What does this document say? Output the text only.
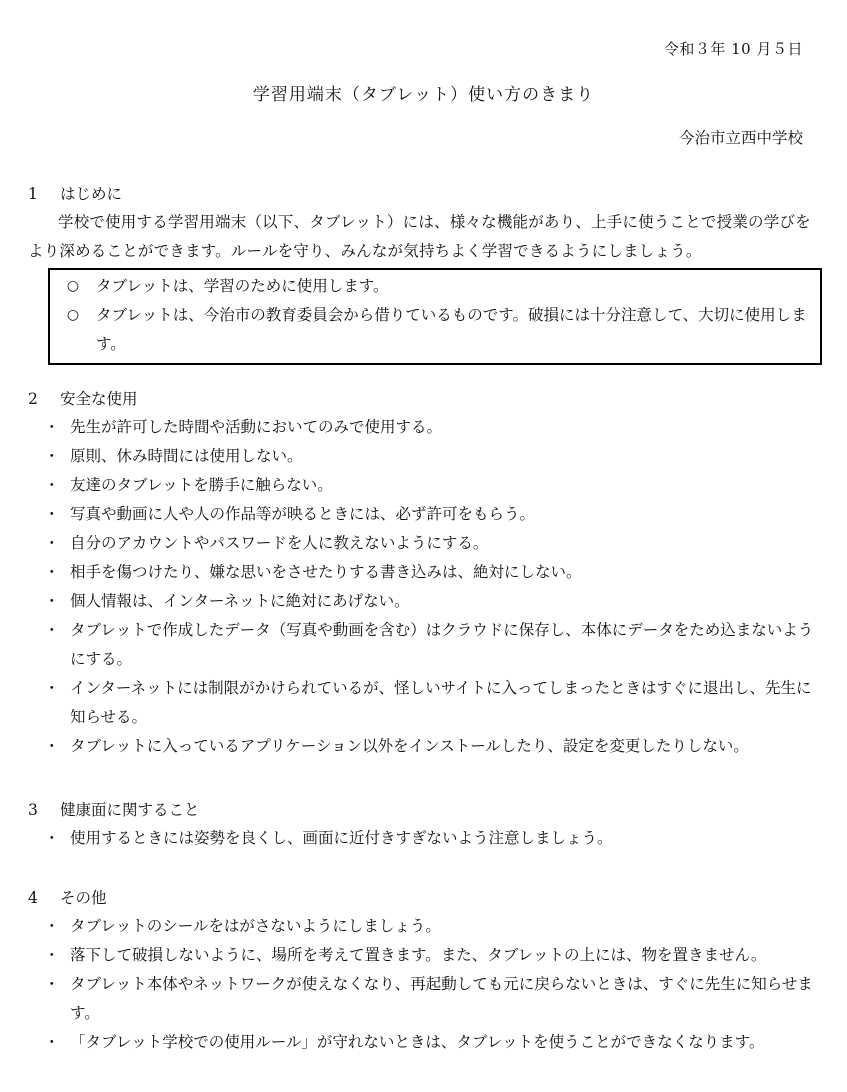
令和３年 10 月５日
学習用端末（タブレット）使い方のきまり
今治市立西中学校
1 はじめに

学校で使用する学習用端末（以下、タブレット）には、様々な機能があり、上手に使うことで授業の学びをより深めることができます。ルールを守り、みんなが気持ちよく学習できるようにしましょう。

○	タブレットは、学習のために使用します。
○	タブレットは、今治市の教育委員会から借りているものです。破損には十分注意して、大切に使用します。
2 安全な使用
・ 先生が許可した時間や活動においてのみで使用する。
・ 原則、休み時間には使用しない。
・ 友達のタブレットを勝手に触らない。
・ 写真や動画に人や人の作品等が映るときには、必ず許可をもらう。
・ 自分のアカウントやパスワードを人に教えないようにする。
・ 相手を傷つけたり、嫌な思いをさせたりする書き込みは、絶対にしない。
・ 個人情報は、インターネットに絶対にあげない。
・ タブレットで作成したデータ（写真や動画を含む）はクラウドに保存し、本体にデータをため込まないようにする。
・ インターネットには制限がかけられているが、怪しいサイトに入ってしまったときはすぐに退出し、先生に知らせる。
・ タブレットに入っているアプリケーション以外をインストールしたり、設定を変更したりしない。
3 健康面に関すること
・ 使用するときには姿勢を良くし、画面に近付きすぎないよう注意しましょう。
4 その他
・ タブレットのシールをはがさないようにしましょう。
・ 落下して破損しないように、場所を考えて置きます。また、タブレットの上には、物を置きません。
・ タブレット本体やネットワークが使えなくなり、再起動しても元に戻らないときは、すぐに先生に知らせます。
・ 「タブレット学校での使用ルール」が守れないときは、タブレットを使うことができなくなります。
